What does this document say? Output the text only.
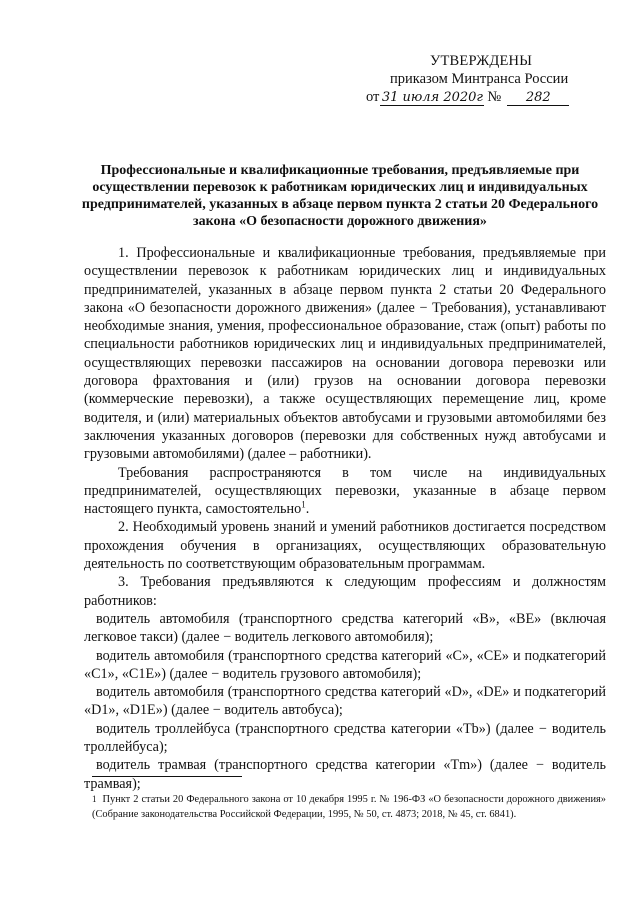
УТВЕРЖДЕНЫ
приказом Минтранса России
от 31 июля 2020г №	282
Профессиональные и квалификационные требования, предъявляемые при осуществлении перевозок к работникам юридических лиц и индивидуальных предпринимателей, указанных в абзаце первом пункта 2 статьи 20 Федерального закона «О безопасности дорожного движения»

1. Профессиональные и квалификационные требования, предъявляемые при осуществлении перевозок к работникам юридических лиц и индивидуальных предпринимателей, указанных в абзаце первом пункта 2 статьи 20 Федерального закона «О безопасности дорожного движения» (далее − Требования), устанавливают необходимые знания, умения, профессиональное образование, стаж (опыт) работы по специальности работников юридических лиц и индивидуальных предпринимателей, осуществляющих перевозки пассажиров на основании договора перевозки или договора фрахтования и (или) грузов на основании договора перевозки (коммерческие перевозки), а также осуществляющих перемещение лиц, кроме водителя, и (или) материальных объектов автобусами и грузовыми автомобилями без заключения указанных договоров (перевозки для собственных нужд автобусами и грузовыми автомобилями) (далее – работники).

Требования распространяются в том числе на индивидуальных предпринимателей, осуществляющих перевозки, указанные в абзаце первом настоящего пункта, самостоятельно$^1$.

2. Необходимый уровень знаний и умений работников достигается посредством прохождения обучения в организациях, осуществляющих образовательную деятельность по соответствующим образовательным программам.

3. Требования предъявляются к следующим профессиям и должностям работников:

водитель автомобиля (транспортного средства категорий «B», «BE» (включая легковое такси) (далее − водитель легкового автомобиля);

водитель автомобиля (транспортного средства категорий «C», «CE» и подкатегорий «C1», «C1E») (далее − водитель грузового автомобиля);

водитель автомобиля (транспортного средства категорий «D», «DE» и подкатегорий «D1», «D1E») (далее − водитель автобуса);

водитель троллейбуса (транспортного средства категории «Tb») (далее − водитель троллейбуса);

водитель трамвая (транспортного средства категории «Tm») (далее − водитель трамвая);

1 Пункт 2 статьи 20 Федерального закона от 10 декабря 1995 г. № 196-ФЗ «О безопасности дорожного движения» (Собрание законодательства Российской Федерации, 1995, № 50, ст. 4873; 2018, № 45, ст. 6841).
